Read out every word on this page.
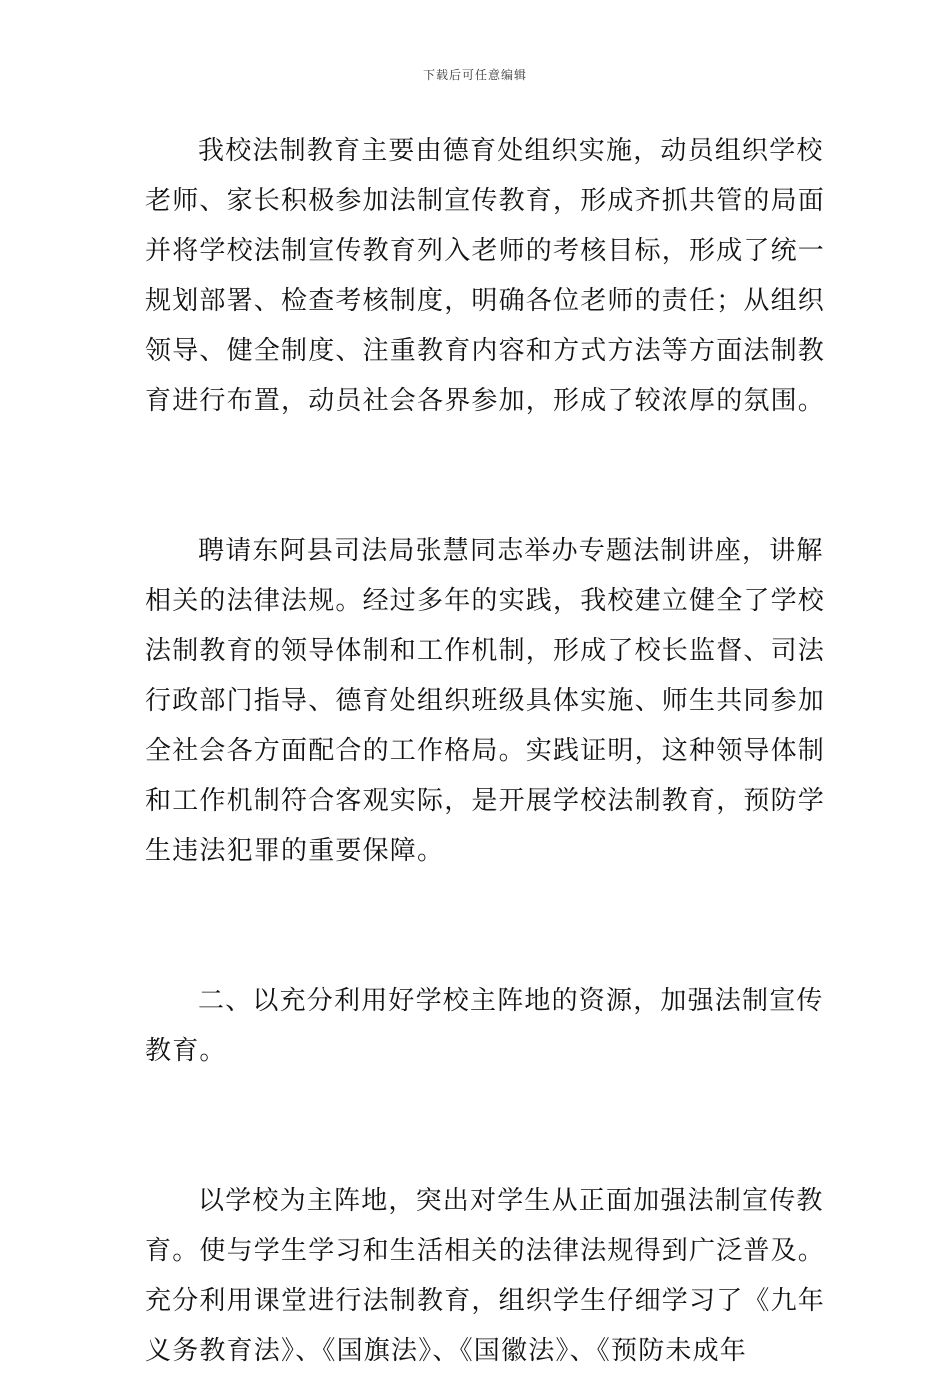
下载后可任意编辑

我校法制教育主要由德育处组织实施，动员组织学校
老师、家长积极参加法制宣传教育，形成齐抓共管的局面
并将学校法制宣传教育列入老师的考核目标，形成了统一
规划部署、检查考核制度，明确各位老师的责任；从组织
领导、健全制度、注重教育内容和方式方法等方面法制教
育进行布置，动员社会各界参加，形成了较浓厚的氛围。

聘请东阿县司法局张慧同志举办专题法制讲座，讲解
相关的法律法规。经过多年的实践，我校建立健全了学校
法制教育的领导体制和工作机制，形成了校长监督、司法
行政部门指导、德育处组织班级具体实施、师生共同参加
全社会各方面配合的工作格局。实践证明，这种领导体制
和工作机制符合客观实际，是开展学校法制教育，预防学
生违法犯罪的重要保障。

二、以充分利用好学校主阵地的资源，加强法制宣传
教育。

以学校为主阵地，突出对学生从正面加强法制宣传教
育。使与学生学习和生活相关的法律法规得到广泛普及。
充分利用课堂进行法制教育，组织学生仔细学习了《九年
义务教育法》、《国旗法》、《国徽法》、《预防未成年
